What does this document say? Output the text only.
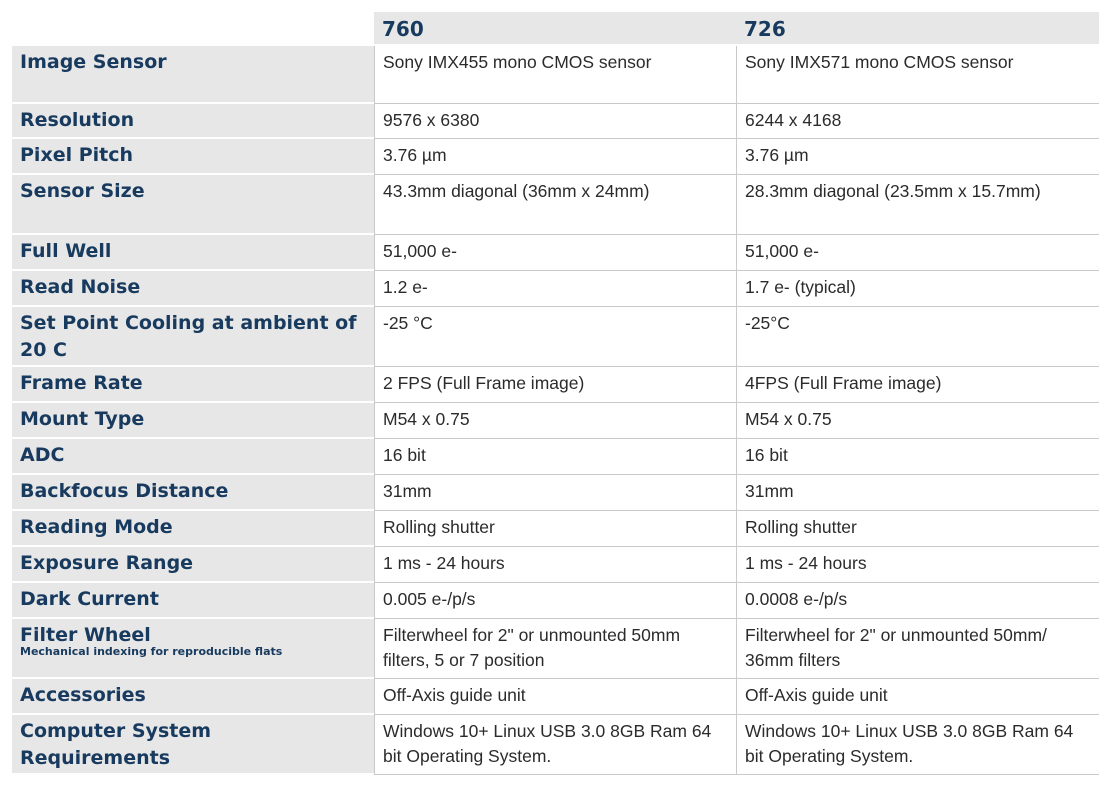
	760	726
Image Sensor	Sony IMX455 mono CMOS sensor	Sony IMX571 mono CMOS sensor
Resolution	9576 x 6380	6244 x 4168
Pixel Pitch	3.76 µm	3.76 µm
Sensor Size	43.3mm diagonal (36mm x 24mm)	28.3mm diagonal (23.5mm x 15.7mm)
Full Well	51,000 e-	51,000 e-
Read Noise	1.2 e-	1.7 e- (typical)
Set Point Cooling at ambient of 20 C	-25 °C	-25°C
Frame Rate	2 FPS (Full Frame image)	4FPS (Full Frame image)
Mount Type	M54 x 0.75	M54 x 0.75
ADC	16 bit	16 bit
Backfocus Distance	31mm	31mm
Reading Mode	Rolling shutter	Rolling shutter
Exposure Range	1 ms - 24 hours	1 ms - 24 hours
Dark Current	0.005 e-/p/s	0.0008 e-/p/s
Filter Wheel
Mechanical indexing for reproducible flats	Filterwheel for 2" or unmounted 50mm filters, 5 or 7 position	Filterwheel for 2" or unmounted 50mm/ 36mm filters
Accessories	Off-Axis guide unit	Off-Axis guide unit
Computer System Requirements	Windows 10+ Linux USB 3.0 8GB Ram 64 bit Operating System.	Windows 10+ Linux USB 3.0 8GB Ram 64 bit Operating System.
